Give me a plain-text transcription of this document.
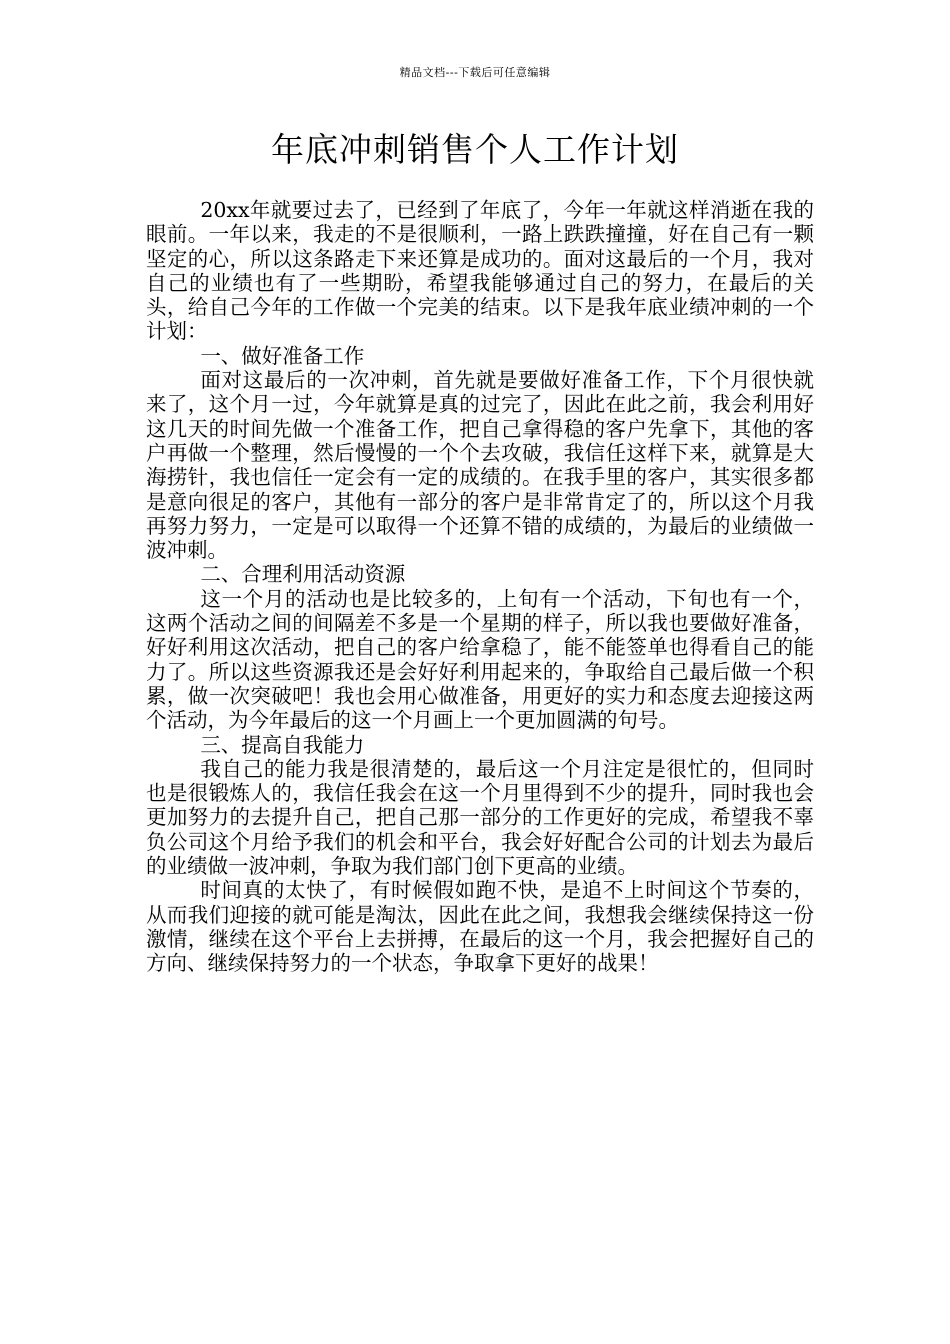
精品文档---下载后可任意编辑
年底冲刺销售个人工作计划

20xx年就要过去了，已经到了年底了，今年一年就这样消逝在我的眼前。一年以来，我走的不是很顺利，一路上跌跌撞撞，好在自己有一颗坚定的心，所以这条路走下来还算是成功的。面对这最后的一个月，我对自己的业绩也有了一些期盼，希望我能够通过自己的努力，在最后的关头，给自己今年的工作做一个完美的结束。以下是我年底业绩冲刺的一个计划：

一、做好准备工作

面对这最后的一次冲刺，首先就是要做好准备工作，下个月很快就来了，这个月一过，今年就算是真的过完了，因此在此之前，我会利用好这几天的时间先做一个准备工作，把自己拿得稳的客户先拿下，其他的客户再做一个整理，然后慢慢的一个个去攻破，我信任这样下来，就算是大海捞针，我也信任一定会有一定的成绩的。在我手里的客户，其实很多都是意向很足的客户，其他有一部分的客户是非常肯定了的，所以这个月我再努力努力，一定是可以取得一个还算不错的成绩的，为最后的业绩做一波冲刺。

二、合理利用活动资源

这一个月的活动也是比较多的，上旬有一个活动，下旬也有一个，这两个活动之间的间隔差不多是一个星期的样子，所以我也要做好准备，好好利用这次活动，把自己的客户给拿稳了，能不能签单也得看自己的能力了。所以这些资源我还是会好好利用起来的，争取给自己最后做一个积累，做一次突破吧！我也会用心做准备，用更好的实力和态度去迎接这两个活动，为今年最后的这一个月画上一个更加圆满的句号。

三、提高自我能力

我自己的能力我是很清楚的，最后这一个月注定是很忙的，但同时也是很锻炼人的，我信任我会在这一个月里得到不少的提升，同时我也会更加努力的去提升自己，把自己那一部分的工作更好的完成，希望我不辜负公司这个月给予我们的机会和平台，我会好好配合公司的计划去为最后的业绩做一波冲刺，争取为我们部门创下更高的业绩。

时间真的太快了，有时候假如跑不快，是追不上时间这个节奏的，从而我们迎接的就可能是淘汰，因此在此之间，我想我会继续保持这一份激情，继续在这个平台上去拼搏，在最后的这一个月，我会把握好自己的方向、继续保持努力的一个状态，争取拿下更好的战果！
